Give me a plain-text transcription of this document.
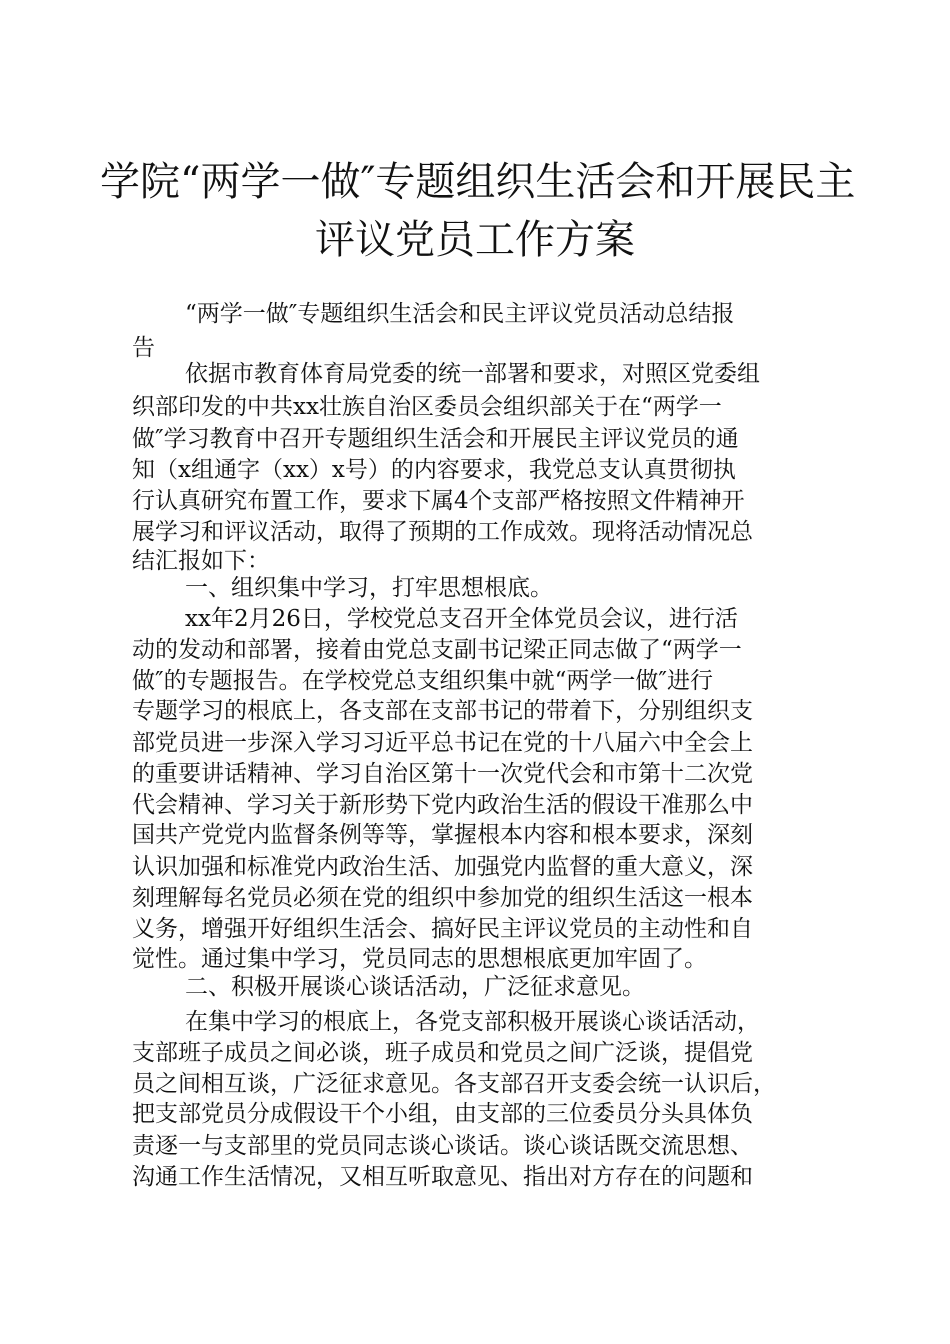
学院“两学一做″专题组织生活会和开展民主
评议党员工作方案
“两学一做″专题组织生活会和民主评议党员活动总结报
告
依据市教育体育局党委的统一部署和要求，对照区党委组
织部印发的中共xx壮族自治区委员会组织部关于在“两学一
做″学习教育中召开专题组织生活会和开展民主评议党员的通
知（x组通字（xx）x号）的内容要求，我党总支认真贯彻执
行认真研究布置工作，要求下属4个支部严格按照文件精神开
展学习和评议活动，取得了预期的工作成效。现将活动情况总
结汇报如下：
一、组织集中学习，打牢思想根底。
xx年2月26日，学校党总支召开全体党员会议，进行活
动的发动和部署，接着由党总支副书记梁正同志做了“两学一
做″的专题报告。在学校党总支组织集中就“两学一做″进行
专题学习的根底上，各支部在支部书记的带着下，分别组织支
部党员进一步深入学习习近平总书记在党的十八届六中全会上
的重要讲话精神、学习自治区第十一次党代会和市第十二次党
代会精神、学习关于新形势下党内政治生活的假设干准那么中
国共产党党内监督条例等等，掌握根本内容和根本要求，深刻
认识加强和标准党内政治生活、加强党内监督的重大意义，深
刻理解每名党员必须在党的组织中参加党的组织生活这一根本
义务，增强开好组织生活会、搞好民主评议党员的主动性和自
觉性。通过集中学习，党员同志的思想根底更加牢固了。
二、积极开展谈心谈话活动，广泛征求意见。
在集中学习的根底上，各党支部积极开展谈心谈话活动，
支部班子成员之间必谈，班子成员和党员之间广泛谈，提倡党
员之间相互谈，广泛征求意见。各支部召开支委会统一认识后，
把支部党员分成假设干个小组，由支部的三位委员分头具体负
责逐一与支部里的党员同志谈心谈话。谈心谈话既交流思想、
沟通工作生活情况，又相互听取意见、指出对方存在的问题和
